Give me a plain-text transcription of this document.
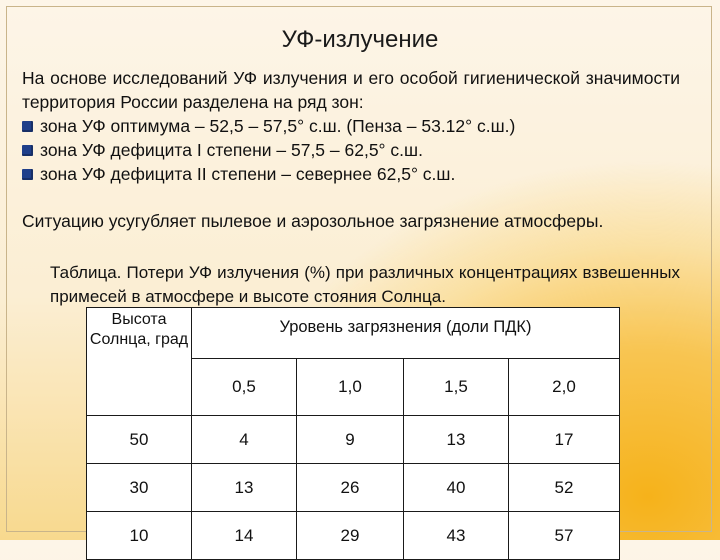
УФ-излучение
На основе исследований УФ излучения и его особой гигиенической значимости территория России разделена на ряд зон:
зона УФ оптимума – 52,5 – 57,5° с.ш. (Пенза – 53.12° с.ш.)
зона УФ дефицита I степени – 57,5 – 62,5° с.ш.
зона УФ дефицита II степени – севернее 62,5° с.ш.
Ситуацию усугубляет пылевое и аэрозольное загрязнение атмосферы.
Таблица. Потери УФ излучения (%) при различных концентрациях взвешенных примесей в атмосфере и высоте стояния Солнца.
Высота Солнца, град	Уровень загрязнения (доли ПДК)			
	0,5	1,0	1,5	2,0
50	4	9	13	17
30	13	26	40	52
10	14	29	43	57
